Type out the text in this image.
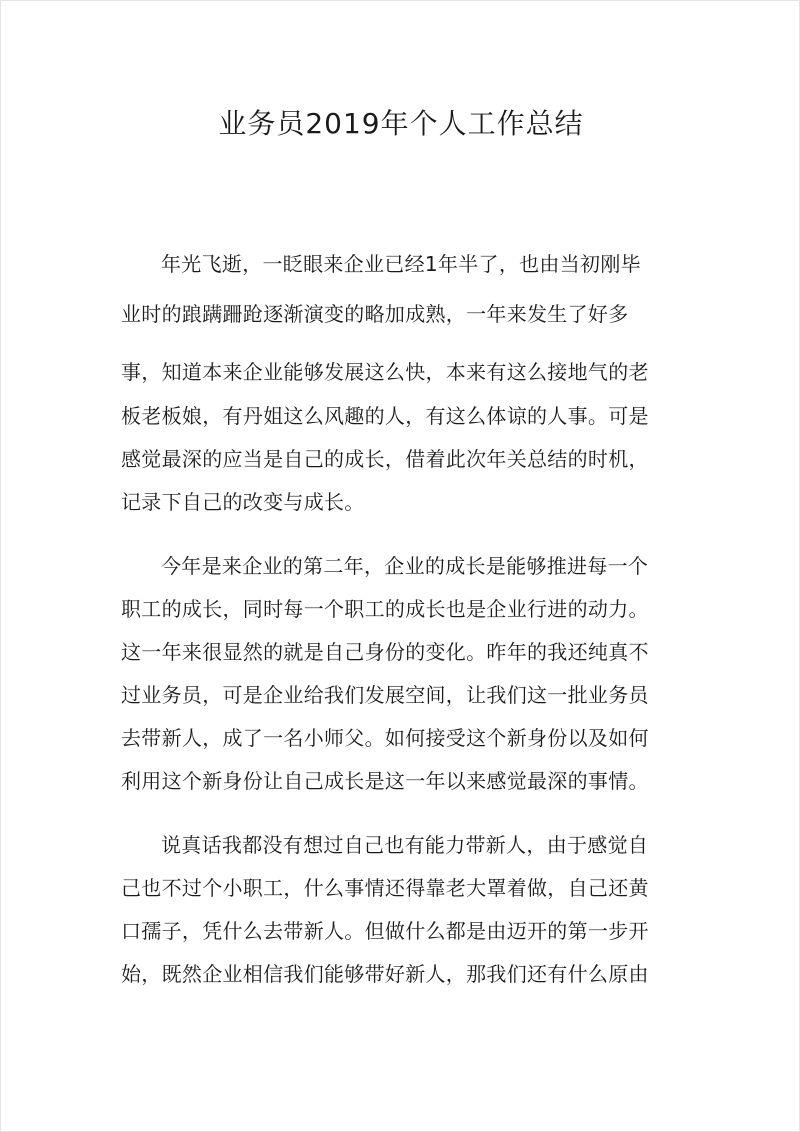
业务员2019年个人工作总结
年光飞逝，一眨眼来企业已经1年半了，也由当初刚毕
业时的踉蹒跚跄逐渐演变的略加成熟，一年来发生了好多
事，知道本来企业能够发展这么快，本来有这么接地气的老
板老板娘，有丹姐这么风趣的人，有这么体谅的人事。可是
感觉最深的应当是自己的成长，借着此次年关总结的时机，
记录下自己的改变与成长。
今年是来企业的第二年，企业的成长是能够推进每一个
职工的成长，同时每一个职工的成长也是企业行进的动力。
这一年来很显然的就是自己身份的变化。昨年的我还纯真不
过业务员，可是企业给我们发展空间，让我们这一批业务员
去带新人，成了一名小师父。如何接受这个新身份以及如何
利用这个新身份让自己成长是这一年以来感觉最深的事情。
说真话我都没有想过自己也有能力带新人，由于感觉自
己也不过个小职工，什么事情还得靠老大罩着做，自己还黄
口孺子，凭什么去带新人。但做什么都是由迈开的第一步开
始，既然企业相信我们能够带好新人，那我们还有什么原由
